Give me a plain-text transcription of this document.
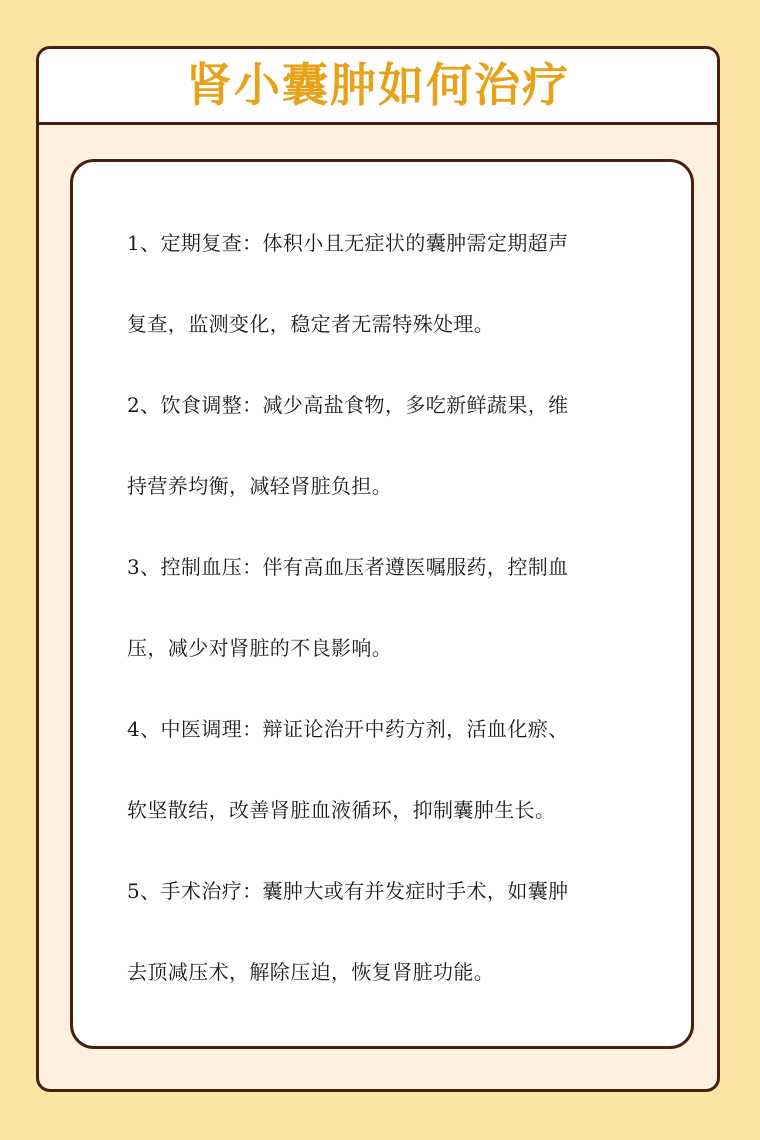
肾小囊肿如何治疗
1、定期复查：体积小且无症状的囊肿需定期超声
复查，监测变化，稳定者无需特殊处理。
2、饮食调整：减少高盐食物，多吃新鲜蔬果，维
持营养均衡，减轻肾脏负担。
3、控制血压：伴有高血压者遵医嘱服药，控制血
压，减少对肾脏的不良影响。
4、中医调理：辩证论治开中药方剂，活血化瘀、
软坚散结，改善肾脏血液循环，抑制囊肿生长。
5、手术治疗：囊肿大或有并发症时手术，如囊肿
去顶减压术，解除压迫，恢复肾脏功能。
